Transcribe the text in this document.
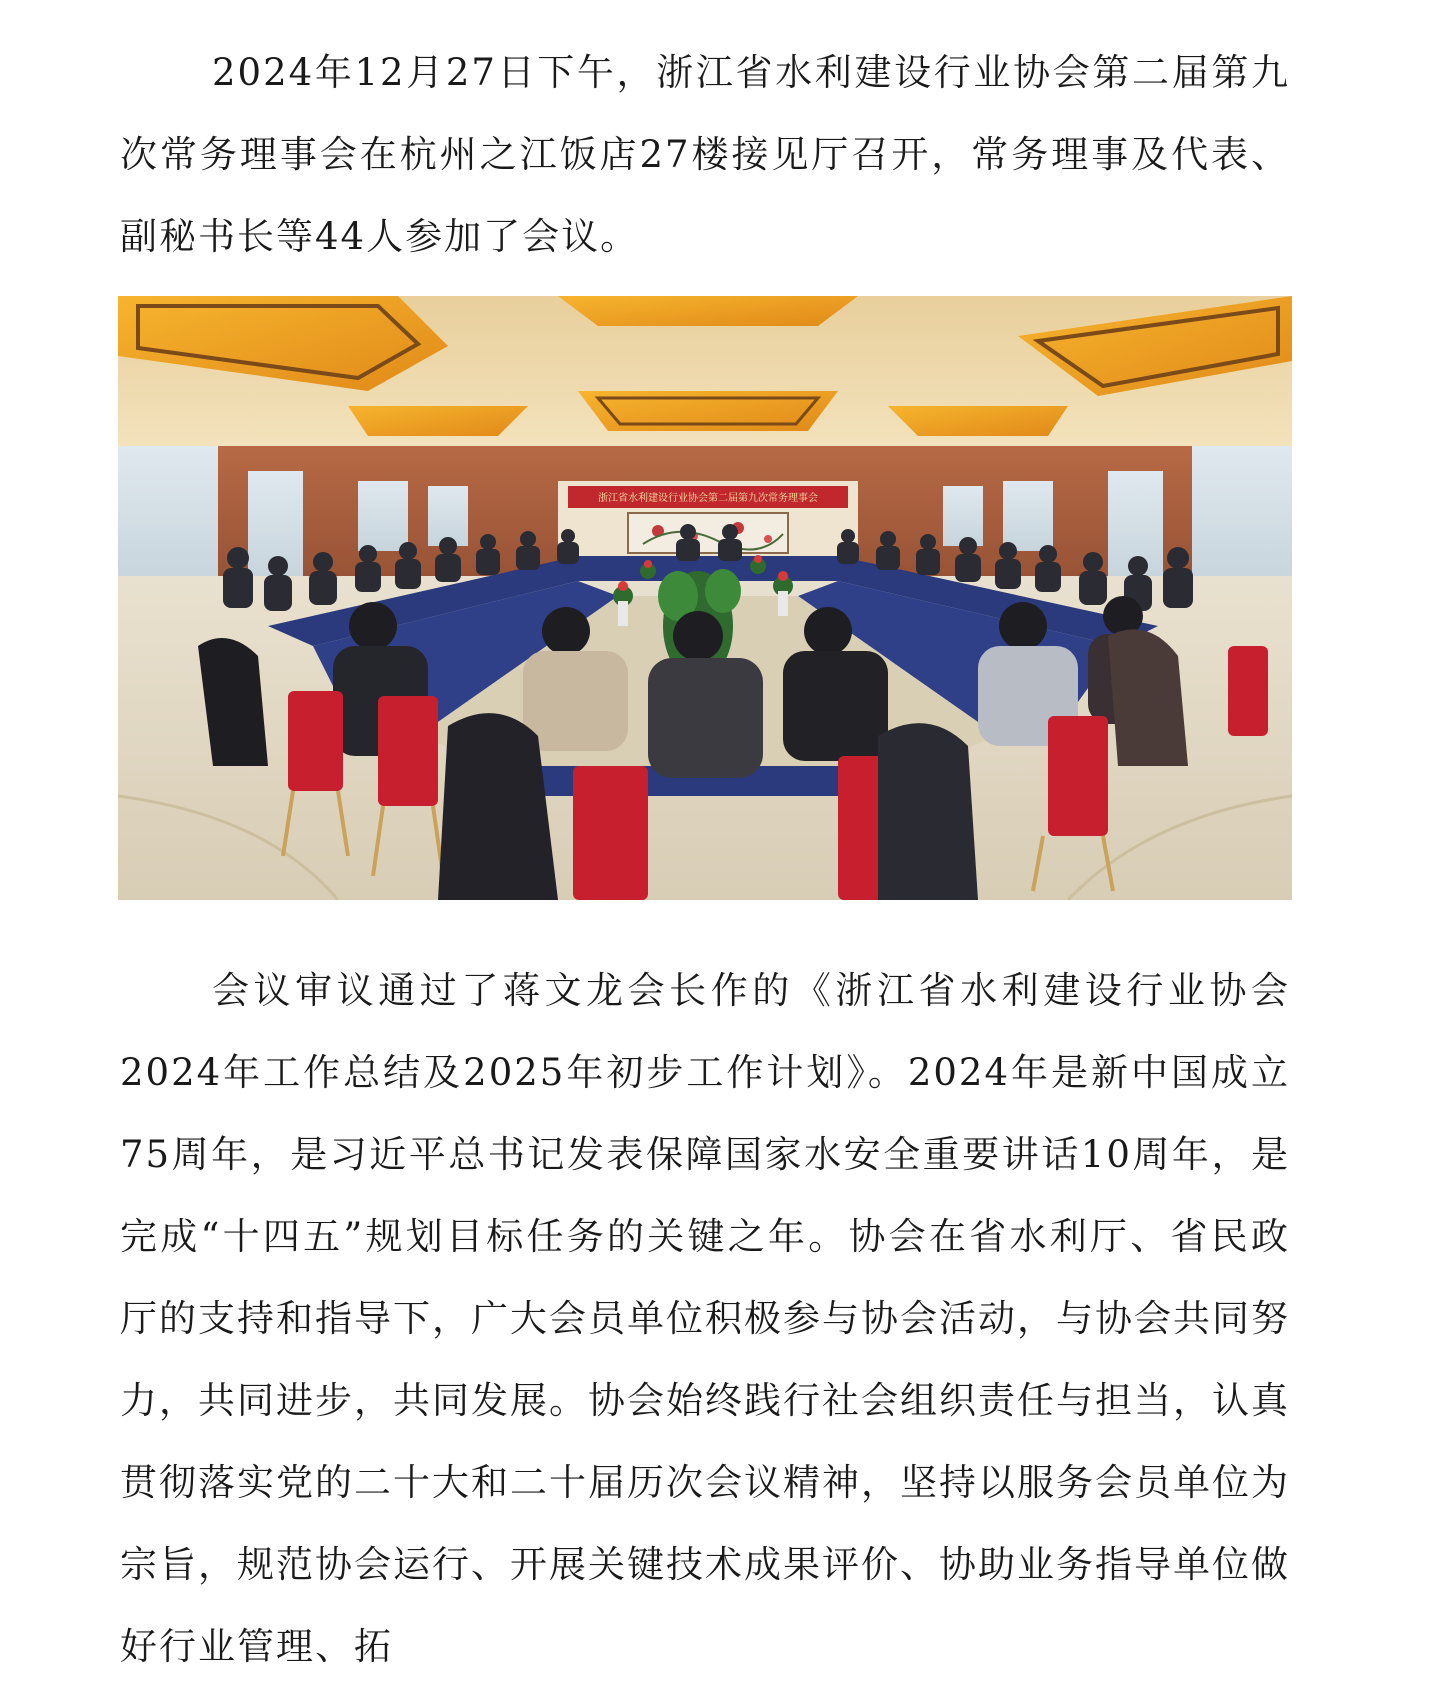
2024年12月27日下午，浙江省水利建设行业协会第二届第九次常务理事会在杭州之江饭店27楼接见厅召开，常务理事及代表、副秘书长等44人参加了会议。

浙江省水利建设行业协会第二届第九次常务理事会

会议审议通过了蒋文龙会长作的《浙江省水利建设行业协会2024年工作总结及2025年初步工作计划》。2024年是新中国成立75周年，是习近平总书记发表保障国家水安全重要讲话10周年，是完成“十四五”规划目标任务的关键之年。协会在省水利厅、省民政厅的支持和指导下，广大会员单位积极参与协会活动，与协会共同努力，共同进步，共同发展。协会始终践行社会组织责任与担当，认真贯彻落实党的二十大和二十届历次会议精神，坚持以服务会员单位为宗旨，规范协会运行、开展关键技术成果评价、协助业务指导单位做好行业管理、拓
